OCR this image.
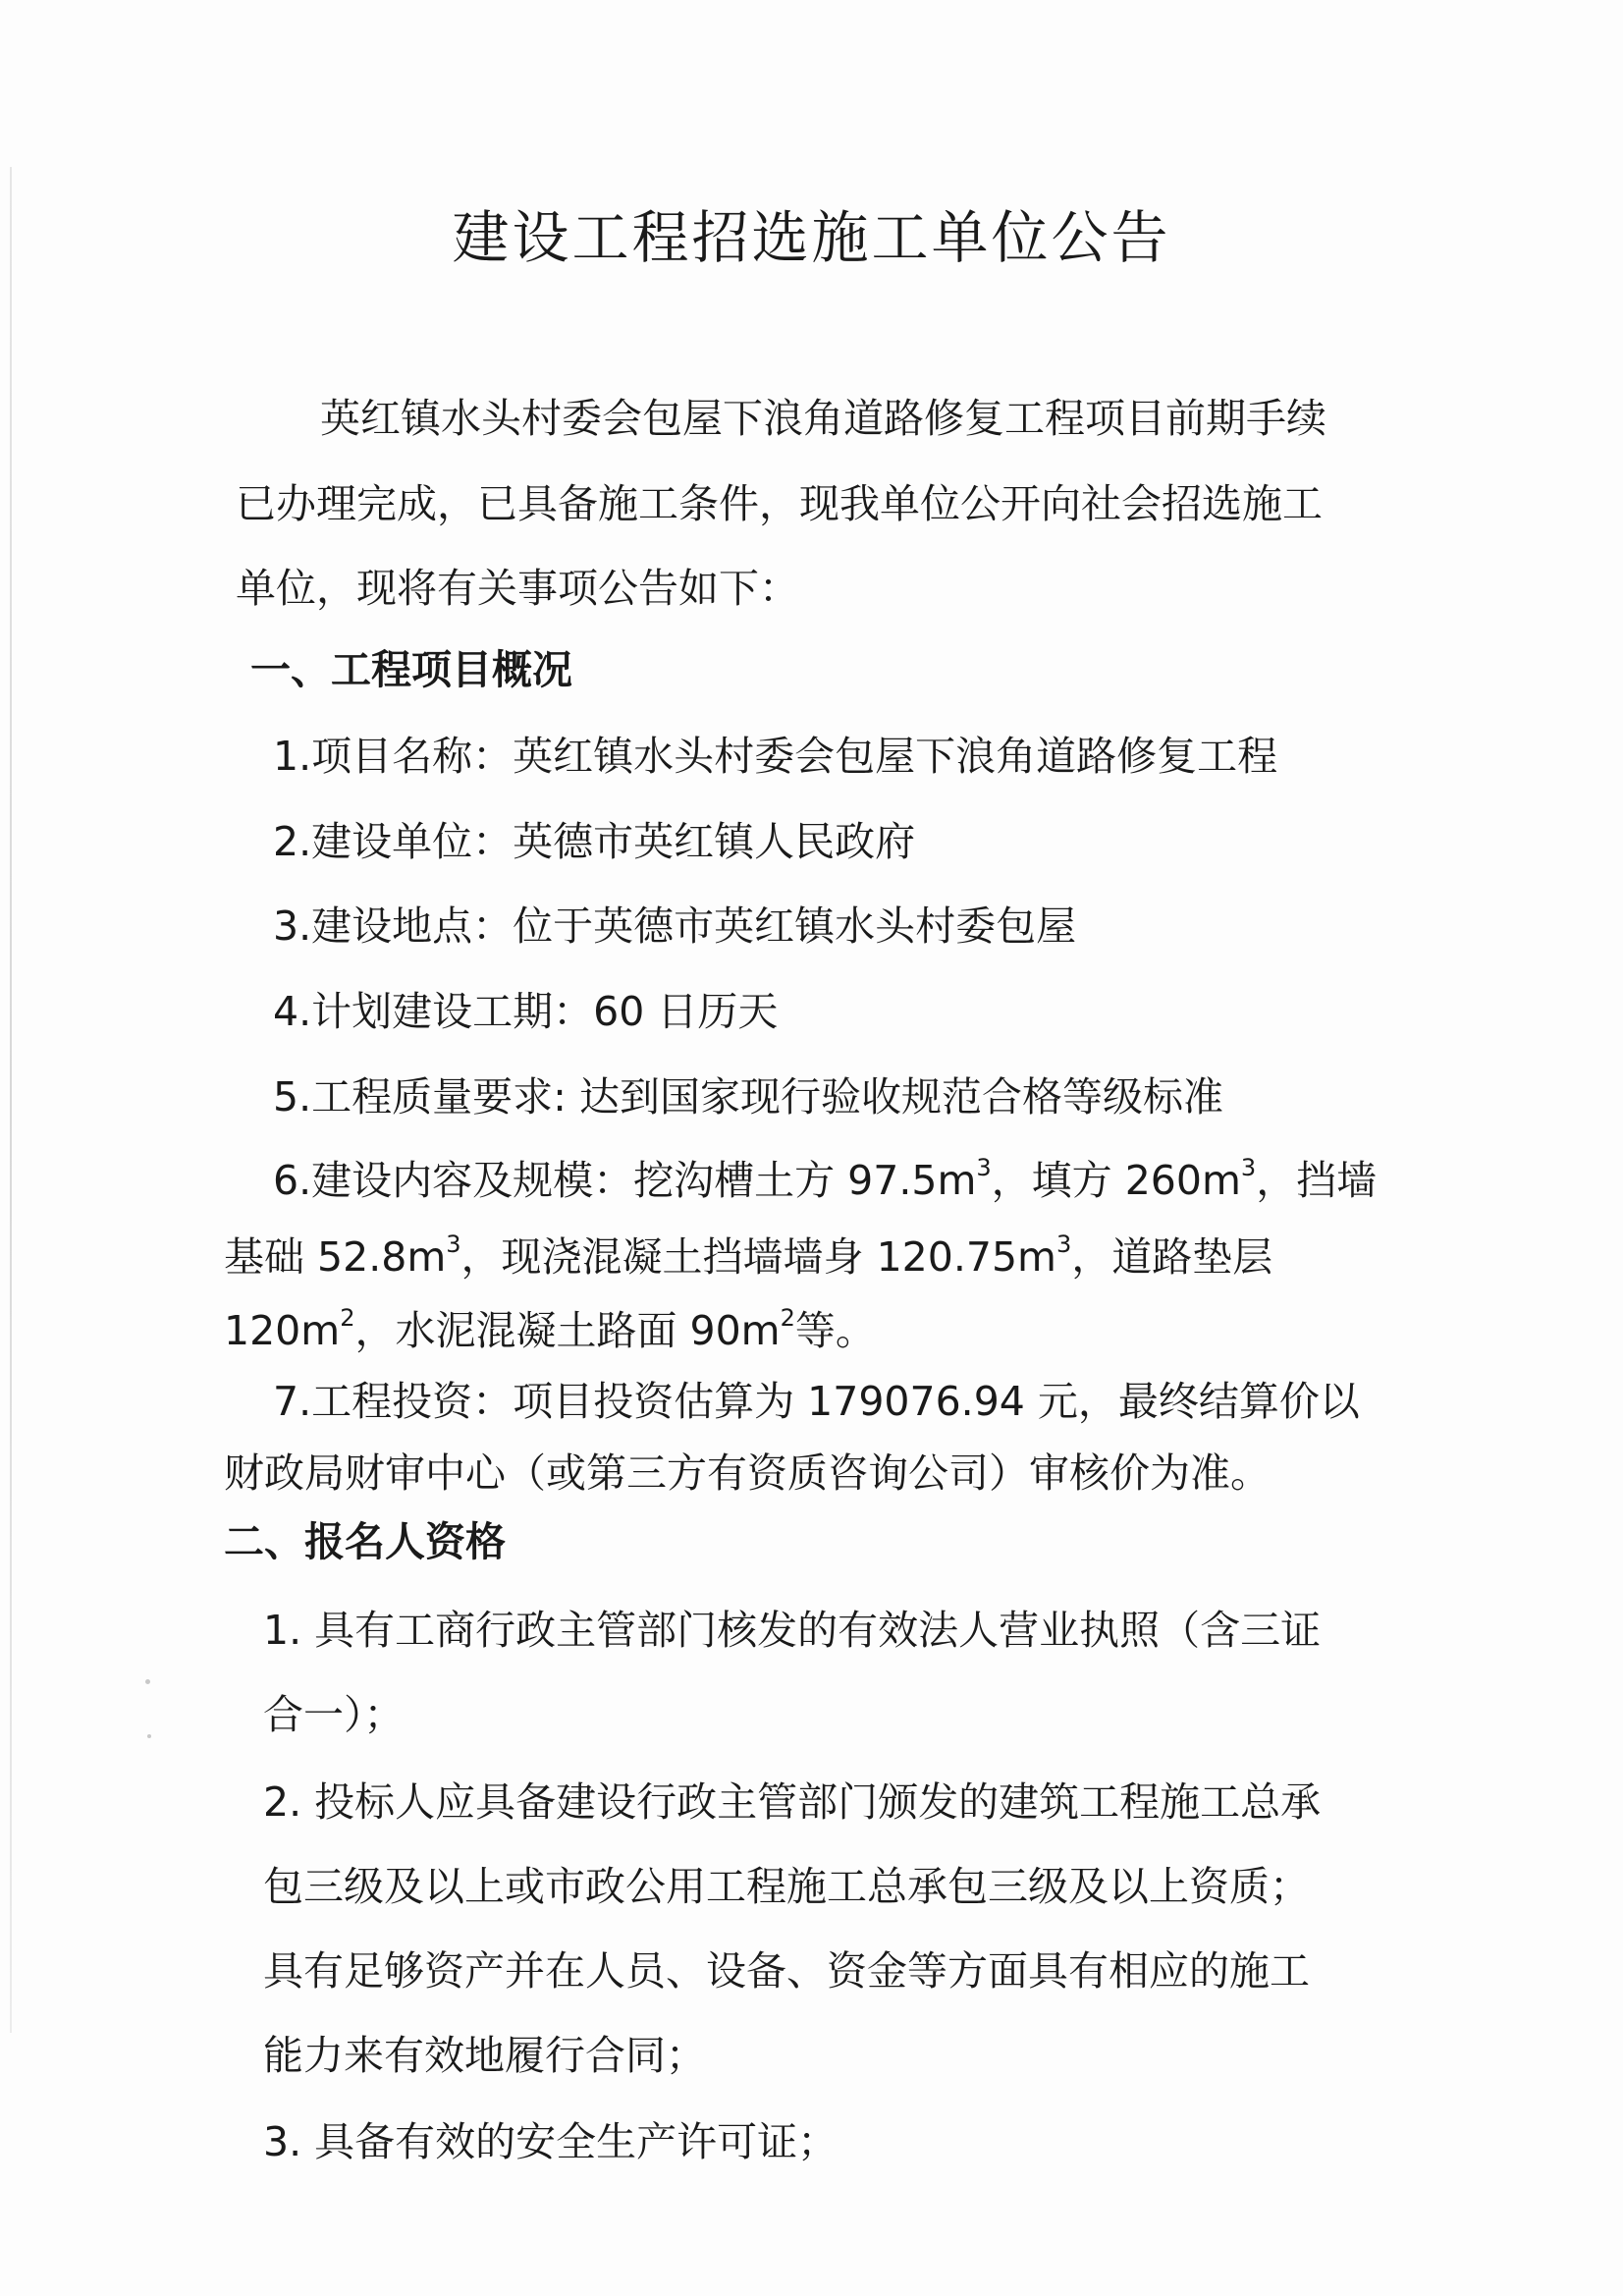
建设工程招选施工单位公告

英红镇水头村委会包屋下浪角道路修复工程项目前期手续

已办理完成，已具备施工条件，现我单位公开向社会招选施工

单位，现将有关事项公告如下：

一、工程项目概况

1.项目名称：英红镇水头村委会包屋下浪角道路修复工程

2.建设单位：英德市英红镇人民政府

3.建设地点：位于英德市英红镇水头村委包屋

4.计划建设工期：60 日历天

5.工程质量要求: 达到国家现行验收规范合格等级标准

6.建设内容及规模：挖沟槽土方 $97.5m^3$，填方 $260m^3$，挡墙

基础 $52.8m^3$，现浇混凝土挡墙墙身 $120.75m^3$，道路垫层

$120m^2$，水泥混凝土路面 $90m^2$等。

7.工程投资：项目投资估算为 179076.94 元，最终结算价以

财政局财审中心（或第三方有资质咨询公司）审核价为准。

二、报名人资格

1. 具有工商行政主管部门核发的有效法人营业执照（含三证

合一）；

2. 投标人应具备建设行政主管部门颁发的建筑工程施工总承

包三级及以上或市政公用工程施工总承包三级及以上资质；

具有足够资产并在人员、设备、资金等方面具有相应的施工

能力来有效地履行合同；

3. 具备有效的安全生产许可证；
